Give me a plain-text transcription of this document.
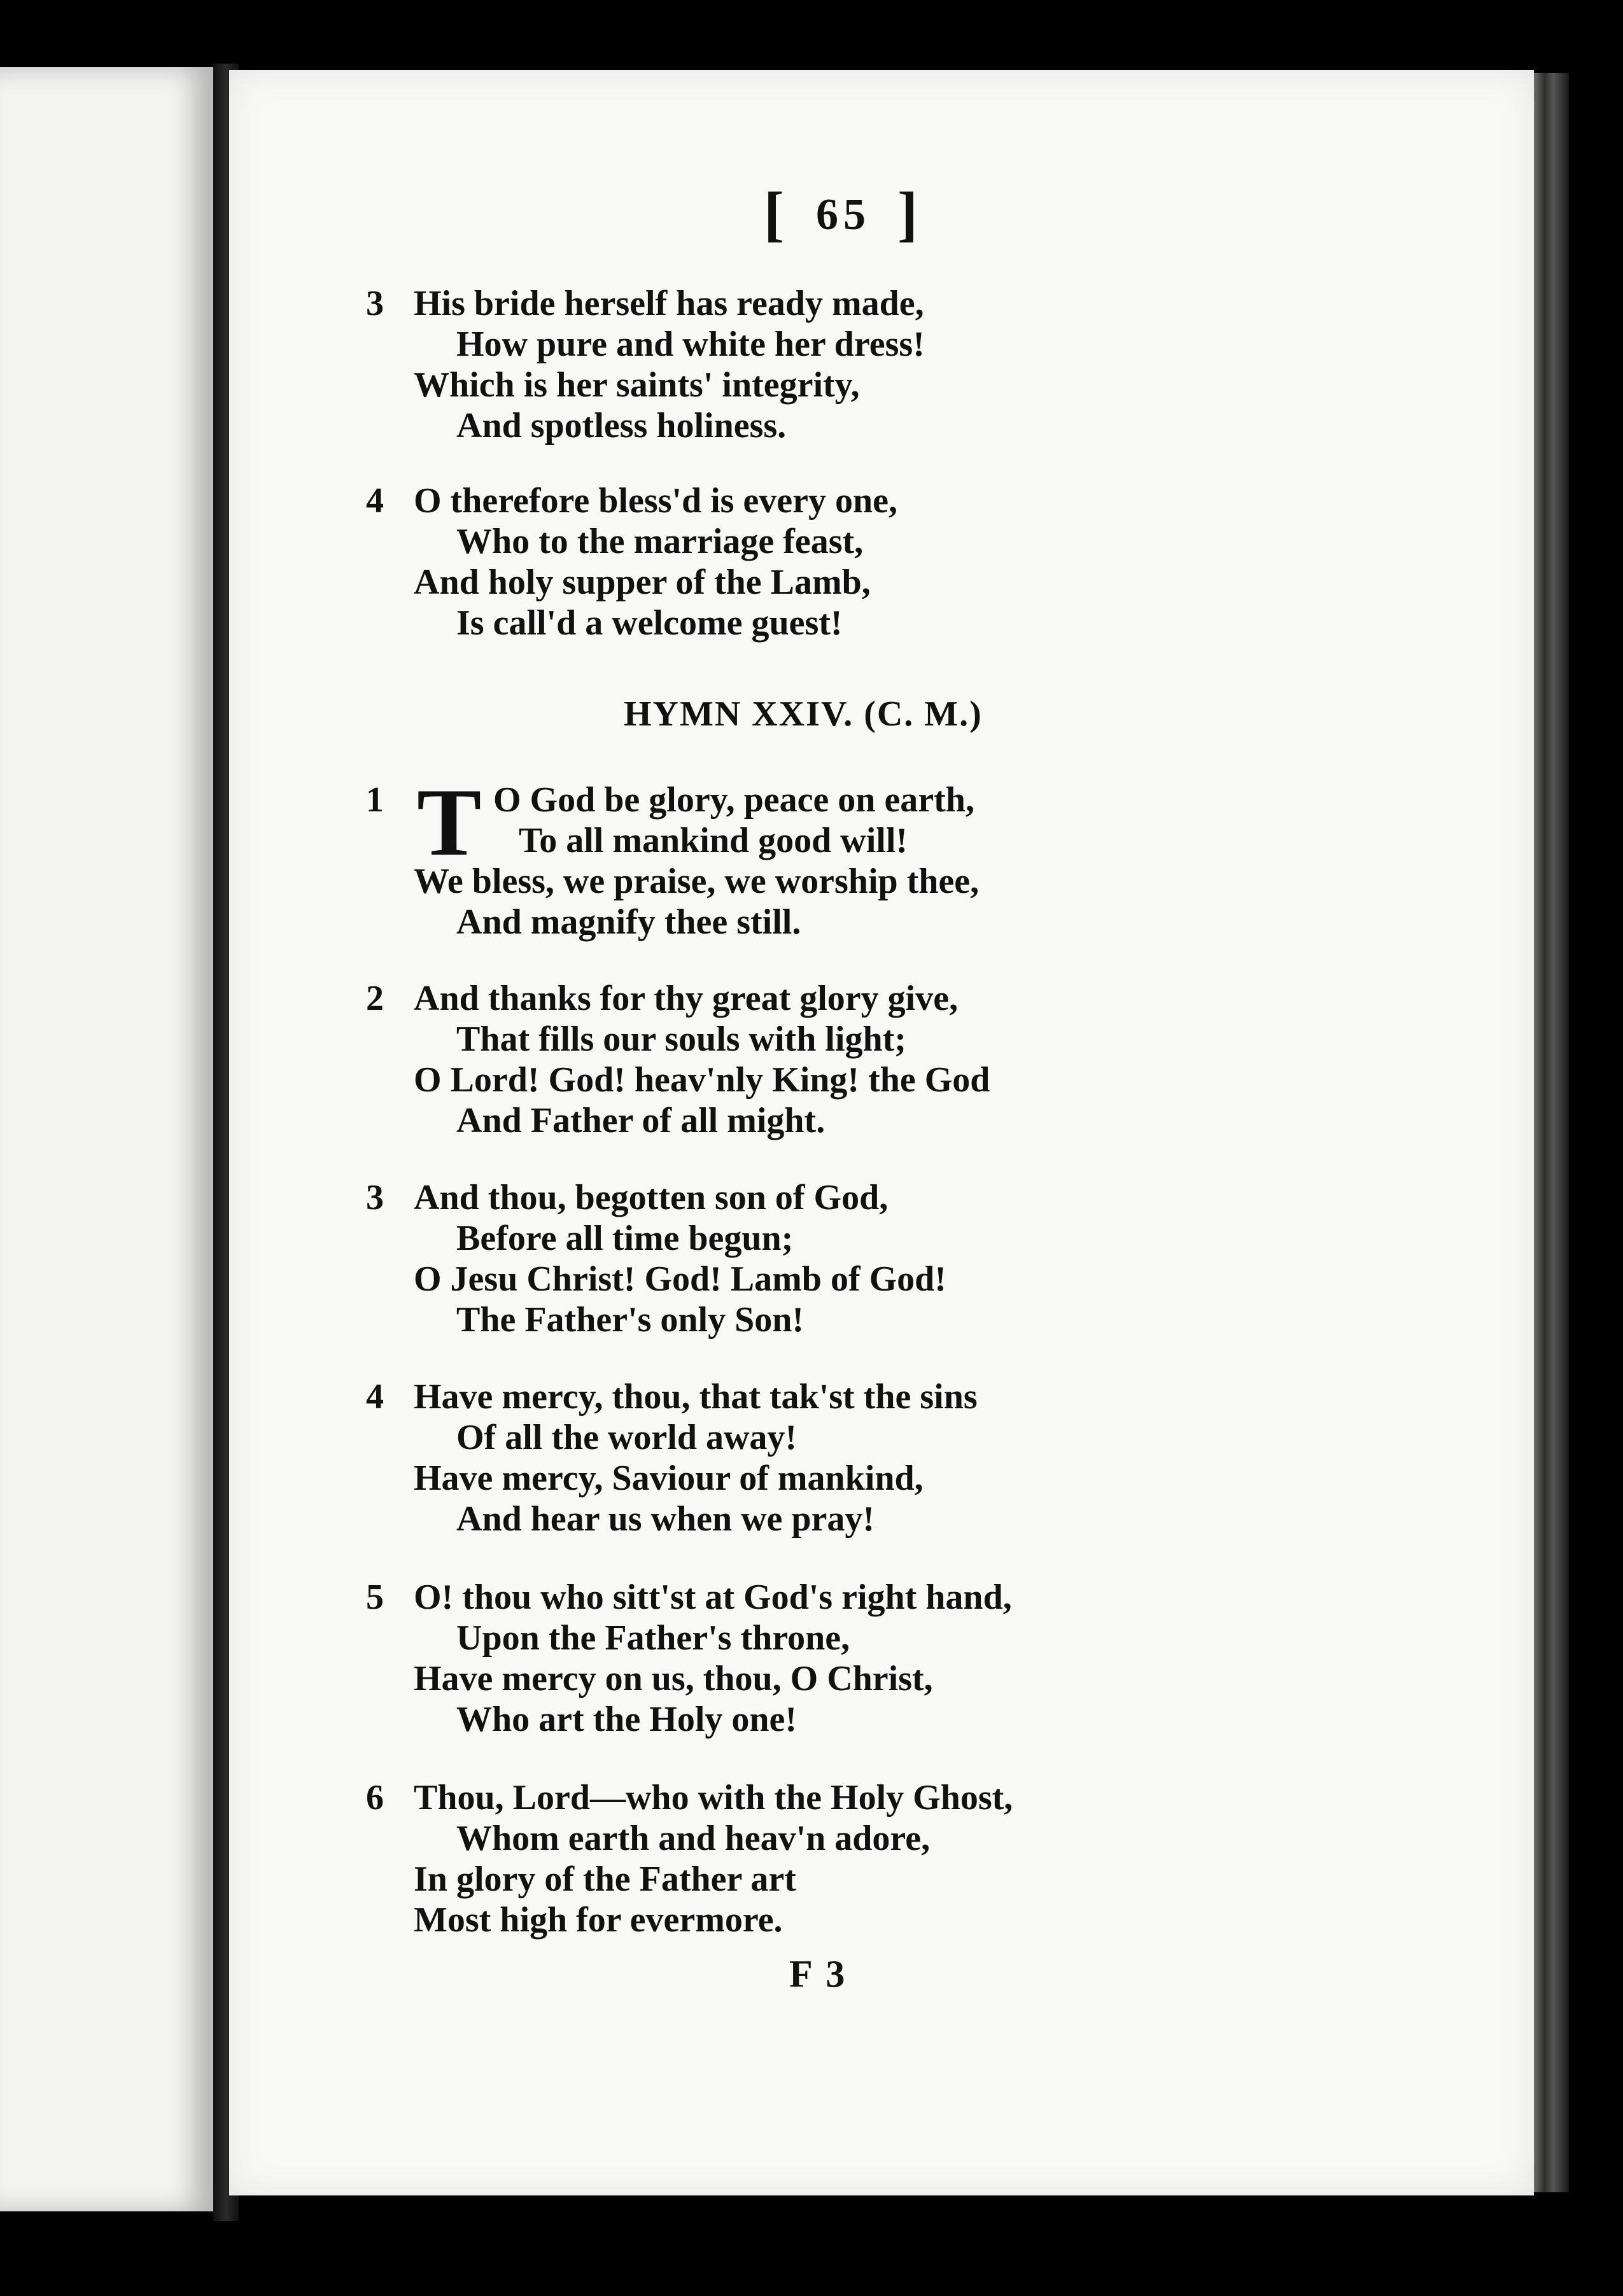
[ 65 ]
3 His bride herself has ready made,
How pure and white her dress!
Which is her saints' integrity,
And spotless holiness.
4 O therefore bless'd is every one,
Who to the marriage feast,
And holy supper of the Lamb,
Is call'd a welcome guest!
HYMN XXIV. (C. M.)
T
1	O God be glory, peace on earth,
To all mankind good will!
We bless, we praise, we worship thee,
And magnify thee still.
2 And thanks for thy great glory give,
That fills our souls with light;
O Lord! God! heav'nly King! the God
And Father of all might.
3 And thou, begotten son of God,
Before all time begun;
O Jesu Christ! God! Lamb of God!
The Father's only Son!
4 Have mercy, thou, that tak'st the sins
Of all the world away!
Have mercy, Saviour of mankind,
And hear us when we pray!
5 O! thou who sitt'st at God's right hand,
Upon the Father's throne,
Have mercy on us, thou, O Christ,
Who art the Holy one!
6 Thou, Lord—who with the Holy Ghost,
Whom earth and heav'n adore,
In glory of the Father art
Most high for evermore.
F 3
